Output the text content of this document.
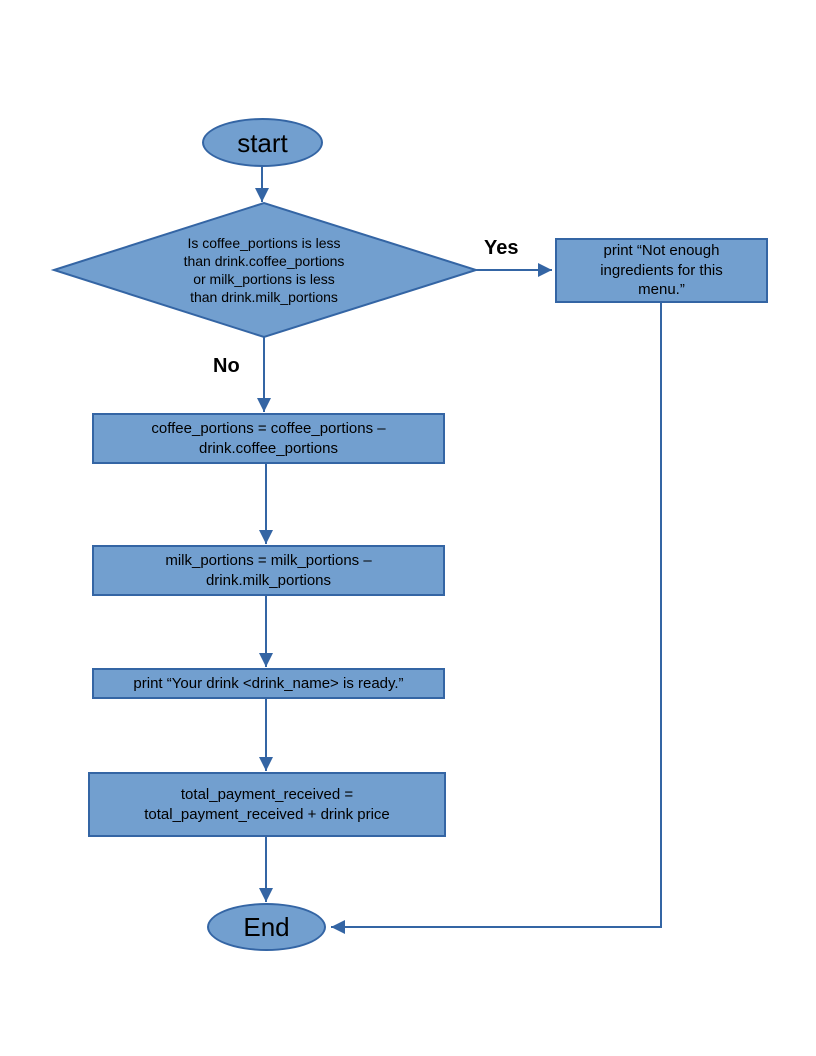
start
Is coffee_portions is less
than drink.coffee_portions
or milk_portions is less
than drink.milk_portions
Yes
No
print “Not enough
ingredients for this
menu.”
coffee_portions = coffee_portions –
drink.coffee_portions
milk_portions = milk_portions –
drink.milk_portions
print “Your drink <drink_name> is ready.”
total_payment_received =
total_payment_received + drink price
End
